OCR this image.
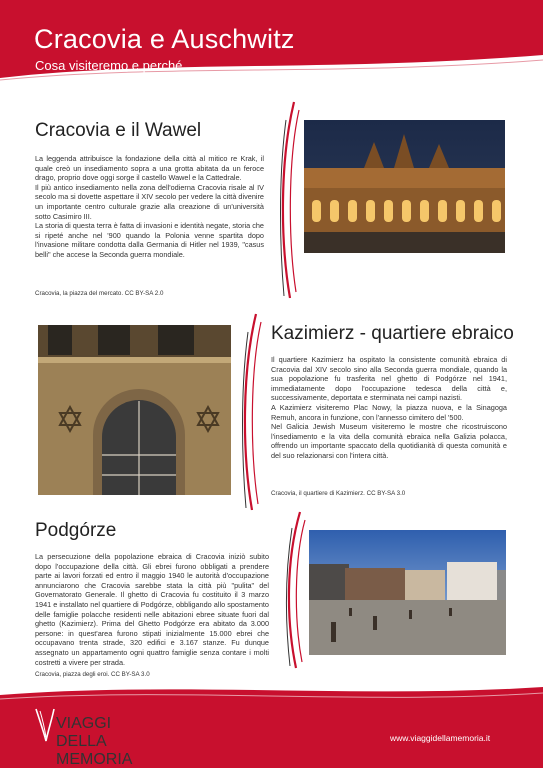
Cracovia e Auschwitz
Cosa visiteremo e perché
Cracovia e il Wawel

La leggenda attribuisce la fondazione della città al mitico re Krak, il quale creò un insediamento sopra a una grotta abitata da un feroce drago, proprio dove oggi sorge il castello Wawel e la Cattedrale.

Il più antico insediamento nella zona dell'odierna Cracovia risale al IV secolo ma si dovette aspettare il XIV secolo per vedere la città divenire un importante centro culturale grazie alla creazione di un'università sotto Casimiro III.

La storia di questa terra è fatta di invasioni e identità negate, storia che si ripeté anche nel '900 quando la Polonia venne spartita dopo l'invasione militare condotta dalla Germania di Hitler nel 1939, "casus belli" che accese la Seconda guerra mondiale.

Cracovia, la piazza del mercato. CC BY-SA 2.0
Kazimierz - quartiere ebraico

Il quartiere Kazimierz ha ospitato la consistente comunità ebraica di Cracovia dal XIV secolo sino alla Seconda guerra mondiale, quando la sua popolazione fu trasferita nel ghetto di Podgórze nel 1941, immediatamente dopo l'occupazione tedesca della città e, successivamente, deportata e sterminata nei campi nazisti.

A Kazimierz visiteremo Plac Nowy, la piazza nuova, e la Sinagoga Remuh, ancora in funzione, con l'annesso cimitero del '500.

Nel Galicia Jewish Museum visiteremo le mostre che ricostruiscono l'insediamento e la vita della comunità ebraica nella Galizia polacca, offrendo un importante spaccato della quotidianità di questa comunità e del suo relazionarsi con l'intera città.

Cracovia, il quartiere di Kazimierz. CC BY-SA 3.0
Podgórze

La persecuzione della popolazione ebraica di Cracovia iniziò subito dopo l'occupazione della città. Gli ebrei furono obbligati a prendere parte ai lavori forzati ed entro il maggio 1940 le autorità d'occupazione annunciarono che Cracovia sarebbe stata la città più "pulita" del Governatorato Generale. Il ghetto di Cracovia fu costituito il 3 marzo 1941 e installato nel quartiere di Podgórze, obbligando allo spostamento delle famiglie polacche residenti nelle abitazioni ebree situate fuori dal ghetto (Kazimierz). Prima del Ghetto Podgórze era abitato da 3.000 persone: in quest'area furono stipati inizialmente 15.000 ebrei che occupavano trenta strade, 320 edifici e 3.167 stanze. Fu dunque assegnato un appartamento ogni quattro famiglie senza contare i molti costretti a vivere per strada.

Cracovia, piazza degli eroi. CC BY-SA 3.0
VIAGGI
DELLA
MEMORIA
www.viaggidellamemoria.it
